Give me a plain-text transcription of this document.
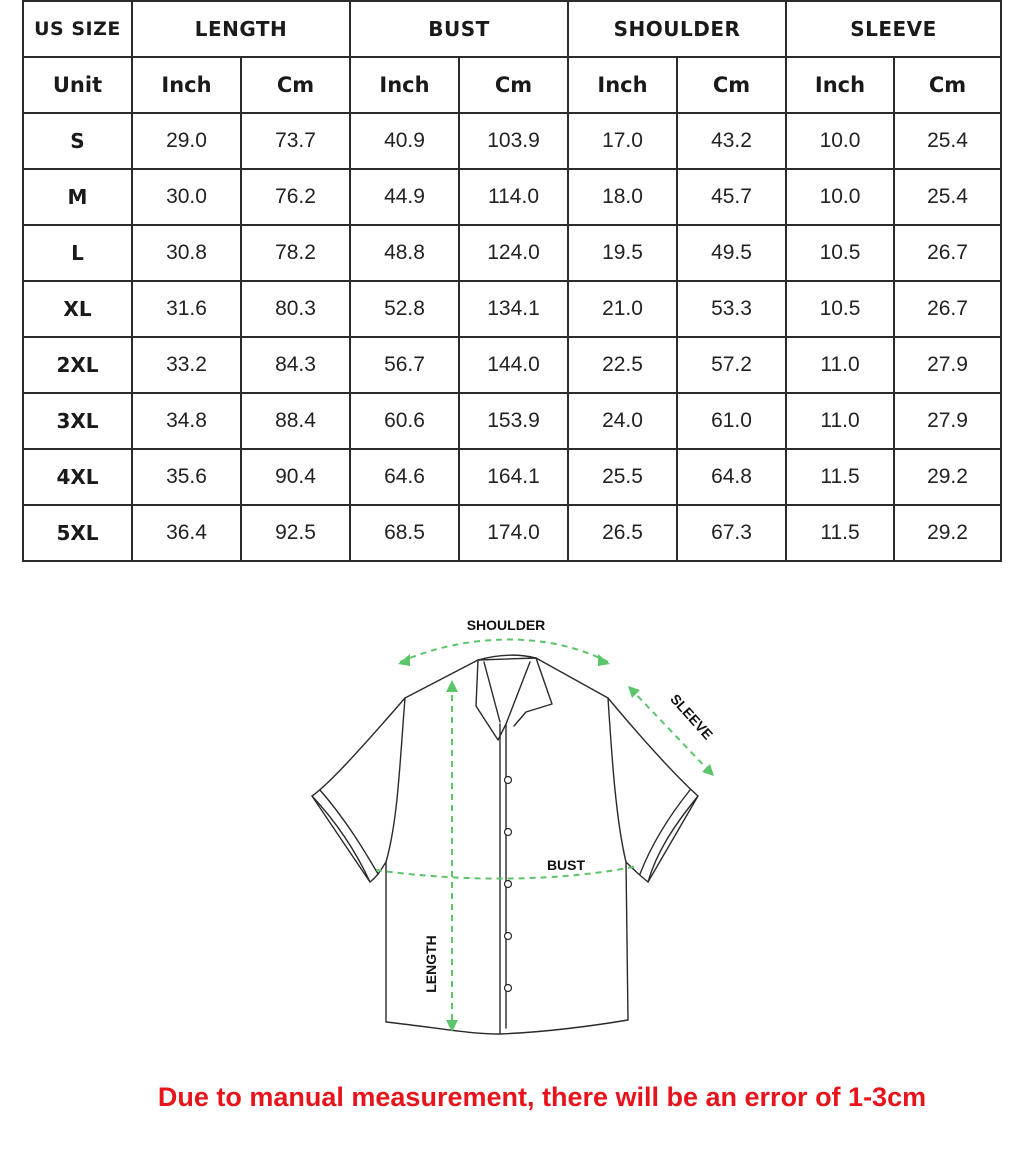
US SIZE	LENGTH		BUST		SHOULDER		SLEEVE	
Unit	Inch	Cm	Inch	Cm	Inch	Cm	Inch	Cm
S	29.0	73.7	40.9	103.9	17.0	43.2	10.0	25.4
M	30.0	76.2	44.9	114.0	18.0	45.7	10.0	25.4
L	30.8	78.2	48.8	124.0	19.5	49.5	10.5	26.7
XL	31.6	80.3	52.8	134.1	21.0	53.3	10.5	26.7
2XL	33.2	84.3	56.7	144.0	22.5	57.2	11.0	27.9
3XL	34.8	88.4	60.6	153.9	24.0	61.0	11.0	27.9
4XL	35.6	90.4	64.6	164.1	25.5	64.8	11.5	29.2
5XL	36.4	92.5	68.5	174.0	26.5	67.3	11.5	29.2
SHOULDER
SLEEVE
BUST
LENGTH
Due to manual measurement, there will be an error of 1-3cm
